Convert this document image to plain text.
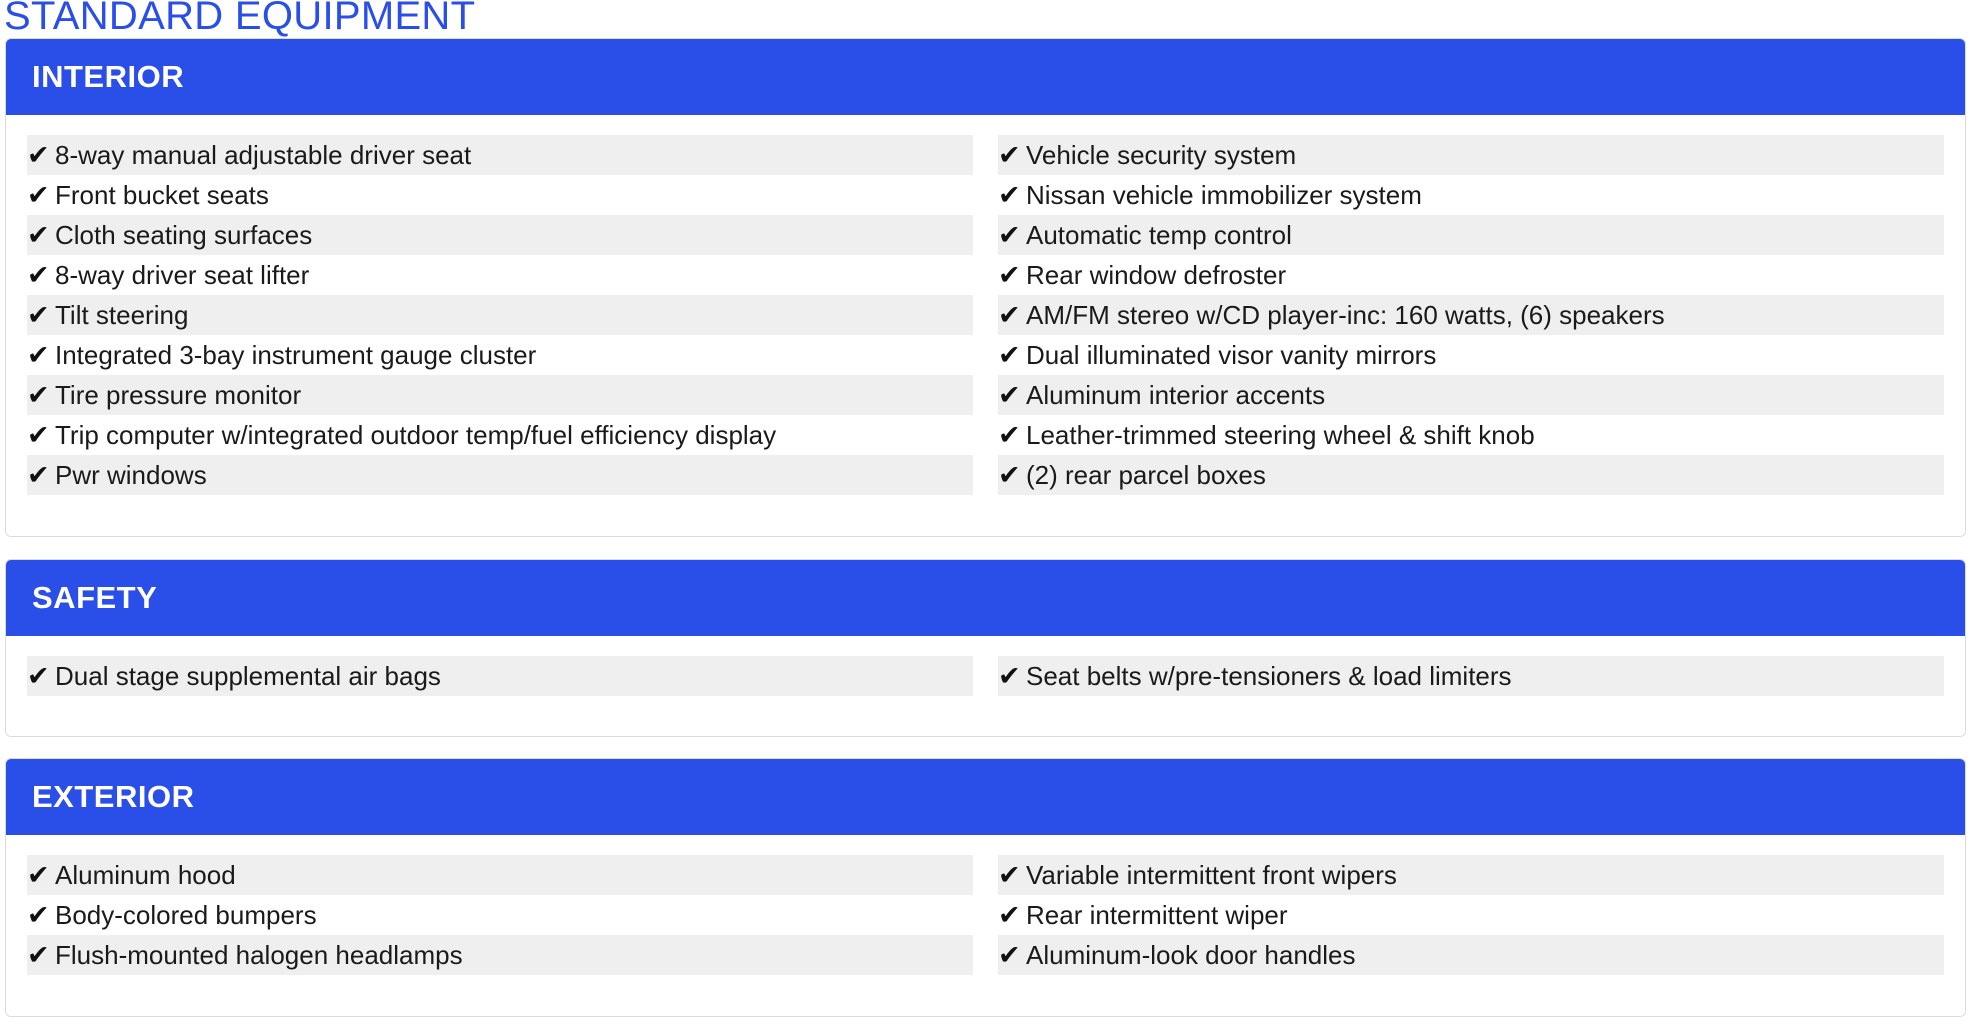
STANDARD EQUIPMENT
INTERIOR
✔ 8-way manual adjustable driver seat
✔ Front bucket seats
✔ Cloth seating surfaces
✔ 8-way driver seat lifter
✔ Tilt steering
✔ Integrated 3-bay instrument gauge cluster
✔ Tire pressure monitor
✔ Trip computer w/integrated outdoor temp/fuel efficiency display
✔ Pwr windows
✔ Vehicle security system
✔ Nissan vehicle immobilizer system
✔ Automatic temp control
✔ Rear window defroster
✔ AM/FM stereo w/CD player-inc: 160 watts, (6) speakers
✔ Dual illuminated visor vanity mirrors
✔ Aluminum interior accents
✔ Leather-trimmed steering wheel & shift knob
✔ (2) rear parcel boxes
SAFETY
✔ Dual stage supplemental air bags	✔ Seat belts w/pre-tensioners & load limiters
EXTERIOR
✔ Aluminum hood
✔ Body-colored bumpers
✔ Flush-mounted halogen headlamps
✔ Variable intermittent front wipers
✔ Rear intermittent wiper
✔ Aluminum-look door handles
